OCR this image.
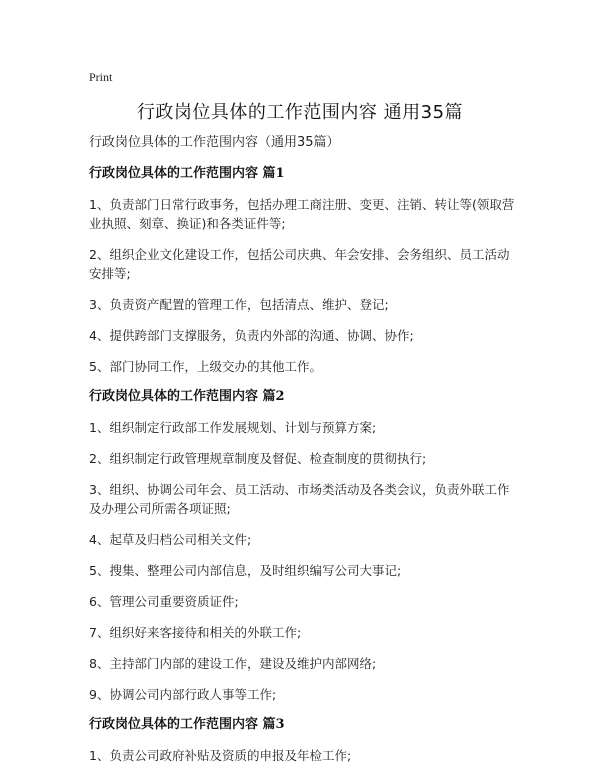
Print
行政岗位具体的工作范围内容 通用35篇

行政岗位具体的工作范围内容（通用35篇）

行政岗位具体的工作范围内容 篇1

1、负责部门日常行政事务，包括办理工商注册、变更、注销、转让等(领取营业执照、刻章、换证)和各类证件等;

2、组织企业文化建设工作，包括公司庆典、年会安排、会务组织、员工活动安排等;

3、负责资产配置的管理工作，包括清点、维护、登记;

4、提供跨部门支撑服务，负责内外部的沟通、协调、协作;

5、部门协同工作，上级交办的其他工作。

行政岗位具体的工作范围内容 篇2

1、组织制定行政部工作发展规划、计划与预算方案;

2、组织制定行政管理规章制度及督促、检查制度的贯彻执行;

3、组织、协调公司年会、员工活动、市场类活动及各类会议，负责外联工作及办理公司所需各项证照;

4、起草及归档公司相关文件;

5、搜集、整理公司内部信息，及时组织编写公司大事记;

6、管理公司重要资质证件;

7、组织好来客接待和相关的外联工作;

8、主持部门内部的建设工作，建设及维护内部网络;

9、协调公司内部行政人事等工作;

行政岗位具体的工作范围内容 篇3

1、负责公司政府补贴及资质的申报及年检工作;
